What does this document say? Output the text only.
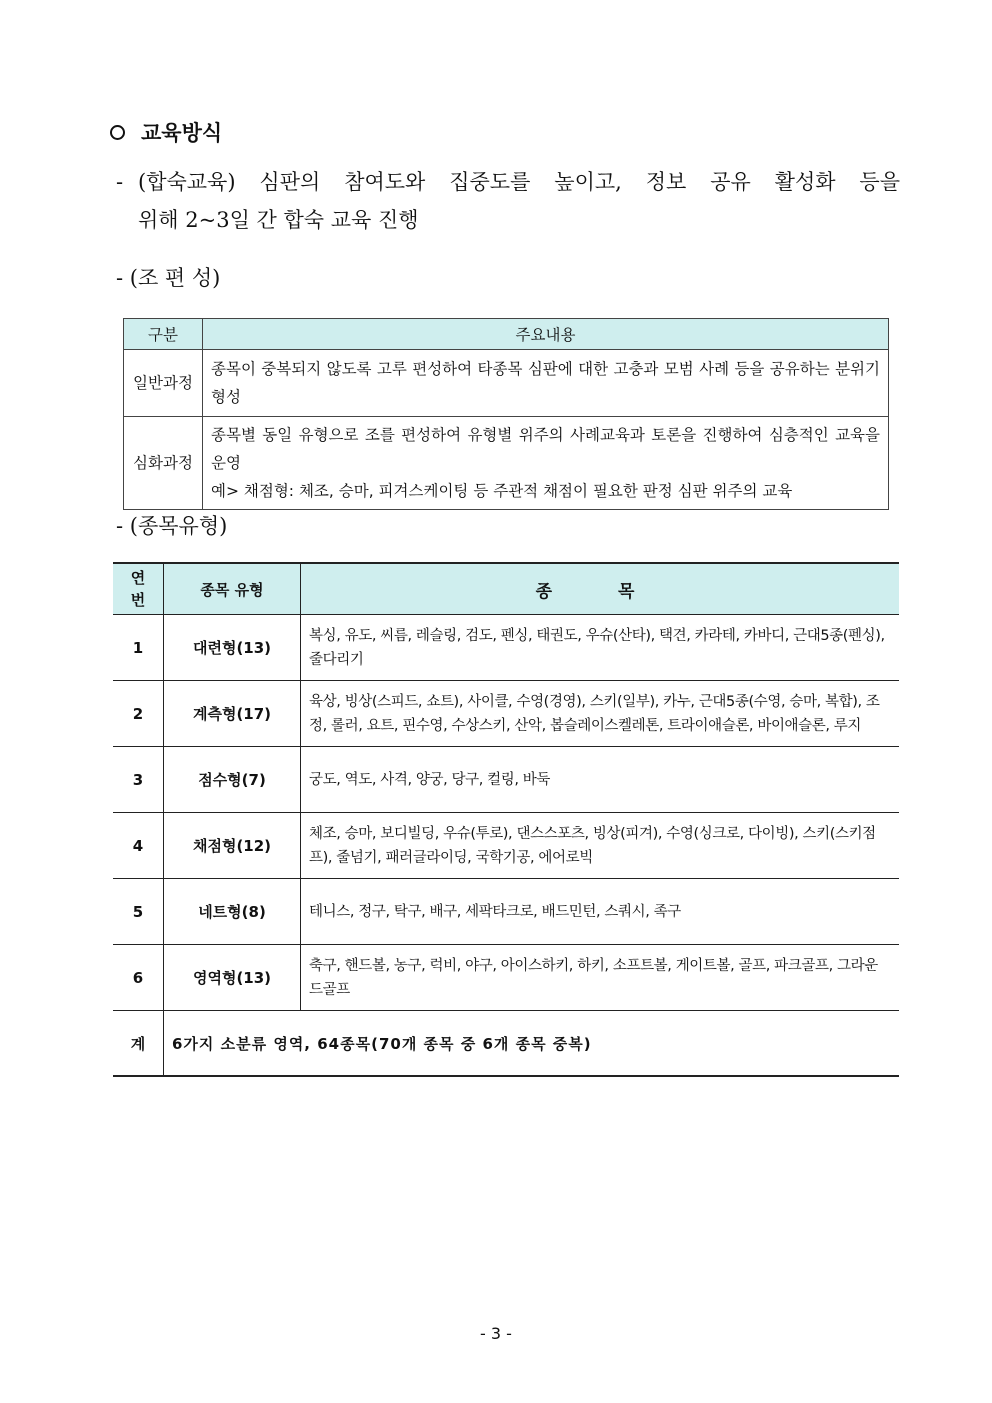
교육방식
- (합숙교육) 심판의 참여도와 집중도를 높이고, 정보 공유 활성화 등을
위해 2~3일 간 합숙 교육 진행
- (조 편 성)
구분	주요내용
일반과정	종목이 중복되지 않도록 고루 편성하여 타종목 심판에 대한 고충과 모범 사례 등을 공유하는 분위기 형성
심화과정	종목별 동일 유형으로 조를 편성하여 유형별 위주의 사례교육과 토론을 진행하여 심층적인 교육을 운영
예> 채점형: 체조, 승마, 피겨스케이팅 등 주관적 채점이 필요한 판정 심판 위주의 교육
- (종목유형)
연
번	종목 유형	종 목
1	대련형(13)	복싱, 유도, 씨름, 레슬링, 검도, 펜싱, 태권도, 우슈(산타), 택견, 카라테, 카바디, 근대5종(펜싱), 줄다리기
2	계측형(17)	육상, 빙상(스피드, 쇼트), 사이클, 수영(경영), 스키(일부), 카누, 근대5종(수영, 승마, 복합), 조정, 롤러, 요트, 핀수영, 수상스키, 산악, 봅슬레이스켈레톤, 트라이애슬론, 바이애슬론, 루지
3	점수형(7)	궁도, 역도, 사격, 양궁, 당구, 컬링, 바둑
4	채점형(12)	체조, 승마, 보디빌딩, 우슈(투로), 댄스스포츠, 빙상(피겨), 수영(싱크로, 다이빙), 스키(스키점프), 줄넘기, 패러글라이딩, 국학기공, 에어로빅
5	네트형(8)	테니스, 정구, 탁구, 배구, 세팍타크로, 배드민턴, 스쿼시, 족구
6	영역형(13)	축구, 핸드볼, 농구, 럭비, 야구, 아이스하키, 하키, 소프트볼, 게이트볼, 골프, 파크골프, 그라운드골프
계	6가지 소분류 영역, 64종목(70개 종목 중 6개 종목 중복)	
- 3 -
